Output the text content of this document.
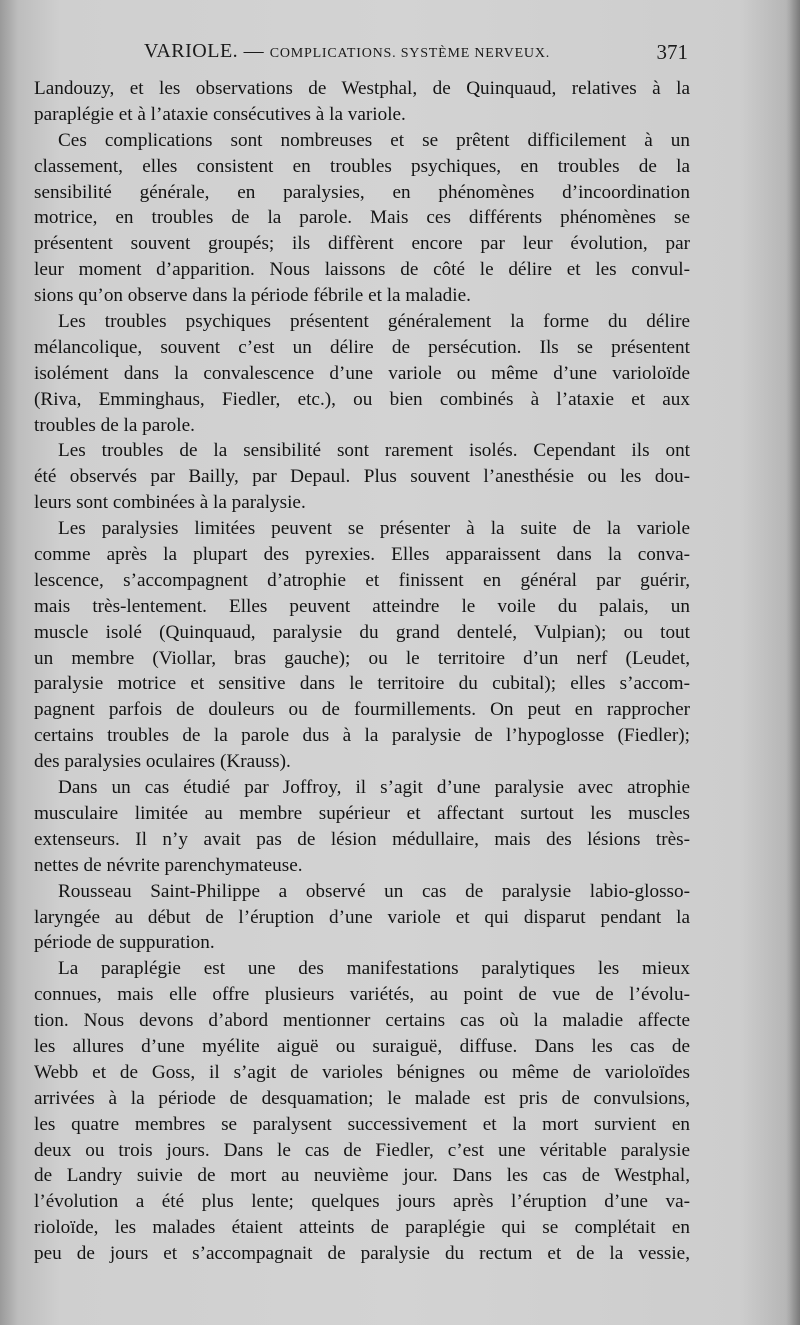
VARIOLE. — COMPLICATIONS. SYSTÈME NERVEUX.	371
Landouzy, et les observations de Westphal, de Quinquaud, relatives à la
paraplégie et à l’ataxie consécutives à la variole.
Ces complications sont nombreuses et se prêtent difficilement à un
classement, elles consistent en troubles psychiques, en troubles de la
sensibilité générale, en paralysies, en phénomènes d’incoordination
motrice, en troubles de la parole. Mais ces différents phénomènes se
présentent souvent groupés; ils diffèrent encore par leur évolution, par
leur moment d’apparition. Nous laissons de côté le délire et les convul-
sions qu’on observe dans la période fébrile et la maladie.
Les troubles psychiques présentent généralement la forme du délire
mélancolique, souvent c’est un délire de persécution. Ils se présentent
isolément dans la convalescence d’une variole ou même d’une varioloïde
(Riva, Emminghaus, Fiedler, etc.), ou bien combinés à l’ataxie et aux
troubles de la parole.
Les troubles de la sensibilité sont rarement isolés. Cependant ils ont
été observés par Bailly, par Depaul. Plus souvent l’anesthésie ou les dou-
leurs sont combinées à la paralysie.
Les paralysies limitées peuvent se présenter à la suite de la variole
comme après la plupart des pyrexies. Elles apparaissent dans la conva-
lescence, s’accompagnent d’atrophie et finissent en général par guérir,
mais très-lentement. Elles peuvent atteindre le voile du palais, un
muscle isolé (Quinquaud, paralysie du grand dentelé, Vulpian); ou tout
un membre (Viollar, bras gauche); ou le territoire d’un nerf (Leudet,
paralysie motrice et sensitive dans le territoire du cubital); elles s’accom-
pagnent parfois de douleurs ou de fourmillements. On peut en rapprocher
certains troubles de la parole dus à la paralysie de l’hypoglosse (Fiedler);
des paralysies oculaires (Krauss).
Dans un cas étudié par Joffroy, il s’agit d’une paralysie avec atrophie
musculaire limitée au membre supérieur et affectant surtout les muscles
extenseurs. Il n’y avait pas de lésion médullaire, mais des lésions très-
nettes de névrite parenchymateuse.
Rousseau Saint-Philippe a observé un cas de paralysie labio-glosso-
laryngée au début de l’éruption d’une variole et qui disparut pendant la
période de suppuration.
La paraplégie est une des manifestations paralytiques les mieux
connues, mais elle offre plusieurs variétés, au point de vue de l’évolu-
tion. Nous devons d’abord mentionner certains cas où la maladie affecte
les allures d’une myélite aiguë ou suraiguë, diffuse. Dans les cas de
Webb et de Goss, il s’agit de varioles bénignes ou même de varioloïdes
arrivées à la période de desquamation; le malade est pris de convulsions,
les quatre membres se paralysent successivement et la mort survient en
deux ou trois jours. Dans le cas de Fiedler, c’est une véritable paralysie
de Landry suivie de mort au neuvième jour. Dans les cas de Westphal,
l’évolution a été plus lente; quelques jours après l’éruption d’une va-
rioloïde, les malades étaient atteints de paraplégie qui se complétait en
peu de jours et s’accompagnait de paralysie du rectum et de la vessie,
